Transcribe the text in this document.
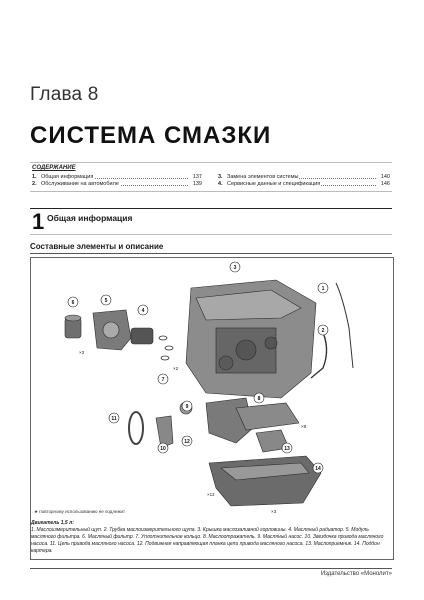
Глава 8
СИСТЕМА СМАЗКИ
СОДЕРЖАНИЕ
1. Общая информация	137
2. Обслуживание на автомобиле	139
3. Замена элементов системы	140
4. Сервисные данные и спецификация	146
1 Общая информация
Составные элементы и описание
6	5
4
3
1
2
7
8
9
12
11
10	13
14
×3
×2
×8
×12
×3
★ повторному использованию не подлежит
Двигатель 1,5 л:
1. Маслоизмерительный щуп. 2. Трубка маслоизмерительного щупа. 3. Крышка маслозаливной горловины. 4. Масляный радиатор. 5. Модуль масляного фильтра. 6. Масляный фильтр. 7. Уплотнительное кольцо. 8. Маслоотражатель. 9. Масляный насос. 10. Звездочка привода масляного насоса. 11. Цепь привода масляного насоса. 12. Подвижная направляющая планка цепи привода масляного насоса. 13. Маслоприемник. 14. Поддон картера.
Издательство «Монолит»
